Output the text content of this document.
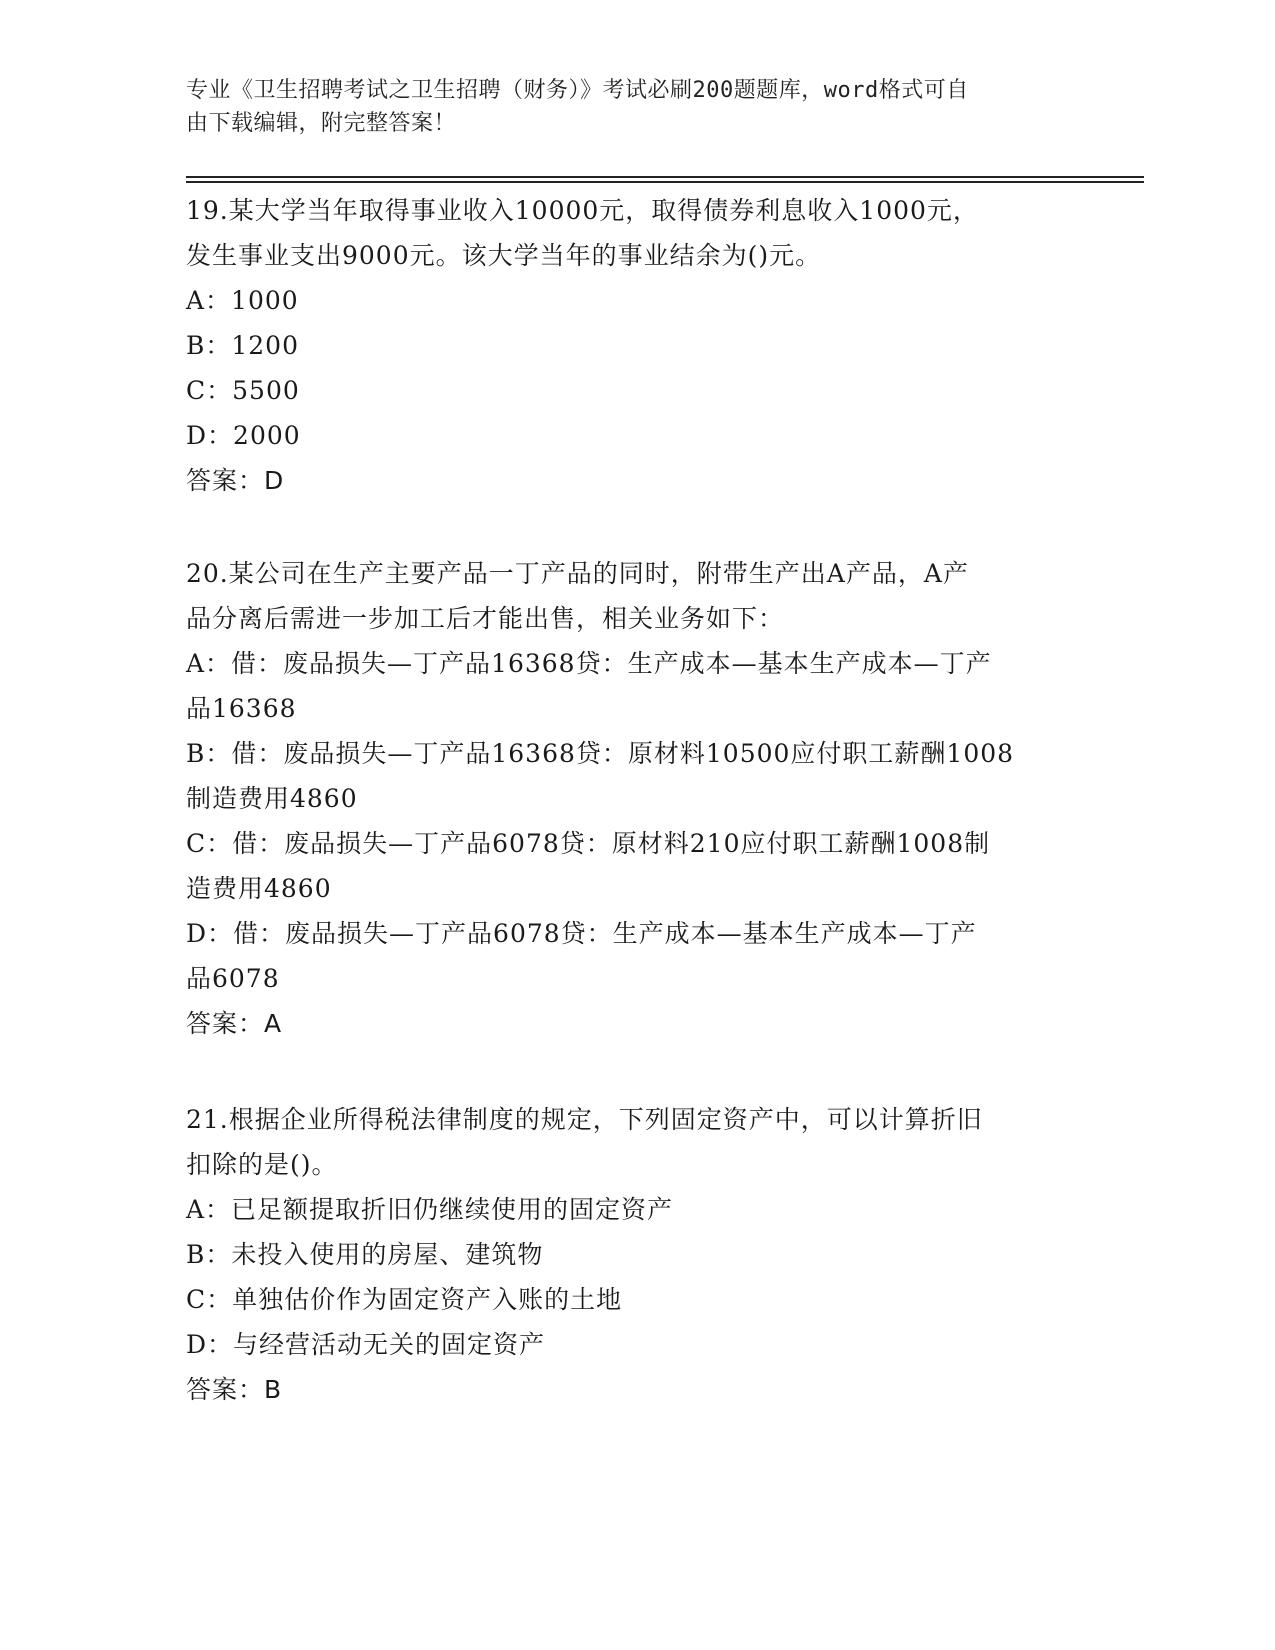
专业《卫生招聘考试之卫生招聘（财务）》考试必刷200题题库，word格式可自
由下载编辑，附完整答案！

19.某大学当年取得事业收入10000元，取得债券利息收入1000元，

发生事业支出9000元。该大学当年的事业结余为()元。

A：1000

B：1200

C：5500

D：2000

答案：D

20.某公司在生产主要产品一丁产品的同时，附带生产出A产品，A产

品分离后需进一步加工后才能出售，相关业务如下：

A：借：废品损失—丁产品16368贷：生产成本—基本生产成本—丁产

品16368

B：借：废品损失—丁产品16368贷：原材料10500应付职工薪酬1008

制造费用4860

C：借：废品损失—丁产品6078贷：原材料210应付职工薪酬1008制

造费用4860

D：借：废品损失—丁产品6078贷：生产成本—基本生产成本—丁产

品6078

答案：A

21.根据企业所得税法律制度的规定，下列固定资产中，可以计算折旧

扣除的是()。

A：已足额提取折旧仍继续使用的固定资产

B：未投入使用的房屋、建筑物

C：单独估价作为固定资产入账的土地

D：与经营活动无关的固定资产

答案：B
